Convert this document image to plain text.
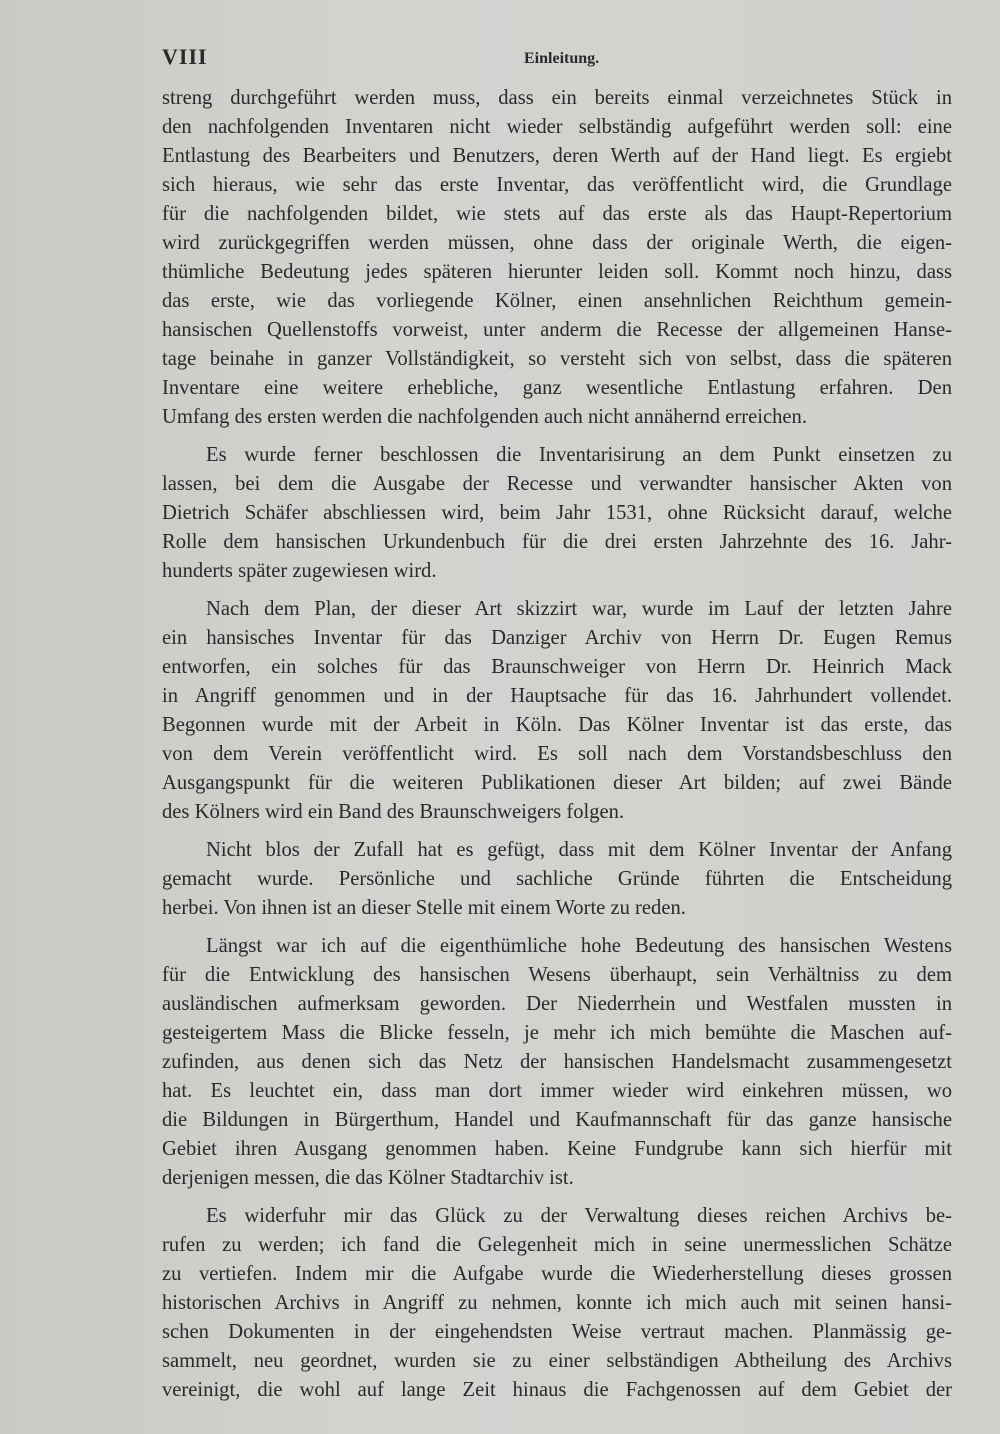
VIII	Einleitung.
streng durchgeführt werden muss, dass ein bereits einmal verzeichnetes Stück in
den nachfolgenden Inventaren nicht wieder selbständig aufgeführt werden soll: eine
Entlastung des Bearbeiters und Benutzers, deren Werth auf der Hand liegt. Es ergiebt
sich hieraus, wie sehr das erste Inventar, das veröffentlicht wird, die Grundlage
für die nachfolgenden bildet, wie stets auf das erste als das Haupt-Repertorium
wird zurückgegriffen werden müssen, ohne dass der originale Werth, die eigen-
thümliche Bedeutung jedes späteren hierunter leiden soll. Kommt noch hinzu, dass
das erste, wie das vorliegende Kölner, einen ansehnlichen Reichthum gemein-
hansischen Quellenstoffs vorweist, unter anderm die Recesse der allgemeinen Hanse-
tage beinahe in ganzer Vollständigkeit, so versteht sich von selbst, dass die späteren
Inventare eine weitere erhebliche, ganz wesentliche Entlastung erfahren. Den
Umfang des ersten werden die nachfolgenden auch nicht annähernd erreichen.
Es wurde ferner beschlossen die Inventarisirung an dem Punkt einsetzen zu
lassen, bei dem die Ausgabe der Recesse und verwandter hansischer Akten von
Dietrich Schäfer abschliessen wird, beim Jahr 1531, ohne Rücksicht darauf, welche
Rolle dem hansischen Urkundenbuch für die drei ersten Jahrzehnte des 16. Jahr-
hunderts später zugewiesen wird.
Nach dem Plan, der dieser Art skizzirt war, wurde im Lauf der letzten Jahre
ein hansisches Inventar für das Danziger Archiv von Herrn Dr. Eugen Remus
entworfen, ein solches für das Braunschweiger von Herrn Dr. Heinrich Mack
in Angriff genommen und in der Hauptsache für das 16. Jahrhundert vollendet.
Begonnen wurde mit der Arbeit in Köln. Das Kölner Inventar ist das erste, das
von dem Verein veröffentlicht wird. Es soll nach dem Vorstandsbeschluss den
Ausgangspunkt für die weiteren Publikationen dieser Art bilden; auf zwei Bände
des Kölners wird ein Band des Braunschweigers folgen.
Nicht blos der Zufall hat es gefügt, dass mit dem Kölner Inventar der Anfang
gemacht wurde. Persönliche und sachliche Gründe führten die Entscheidung
herbei. Von ihnen ist an dieser Stelle mit einem Worte zu reden.
Längst war ich auf die eigenthümliche hohe Bedeutung des hansischen Westens
für die Entwicklung des hansischen Wesens überhaupt, sein Verhältniss zu dem
ausländischen aufmerksam geworden. Der Niederrhein und Westfalen mussten in
gesteigertem Mass die Blicke fesseln, je mehr ich mich bemühte die Maschen auf-
zufinden, aus denen sich das Netz der hansischen Handelsmacht zusammengesetzt
hat. Es leuchtet ein, dass man dort immer wieder wird einkehren müssen, wo
die Bildungen in Bürgerthum, Handel und Kaufmannschaft für das ganze hansische
Gebiet ihren Ausgang genommen haben. Keine Fundgrube kann sich hierfür mit
derjenigen messen, die das Kölner Stadtarchiv ist.
Es widerfuhr mir das Glück zu der Verwaltung dieses reichen Archivs be-
rufen zu werden; ich fand die Gelegenheit mich in seine unermesslichen Schätze
zu vertiefen. Indem mir die Aufgabe wurde die Wiederherstellung dieses grossen
historischen Archivs in Angriff zu nehmen, konnte ich mich auch mit seinen hansi-
schen Dokumenten in der eingehendsten Weise vertraut machen. Planmässig ge-
sammelt, neu geordnet, wurden sie zu einer selbständigen Abtheilung des Archivs
vereinigt, die wohl auf lange Zeit hinaus die Fachgenossen auf dem Gebiet der
